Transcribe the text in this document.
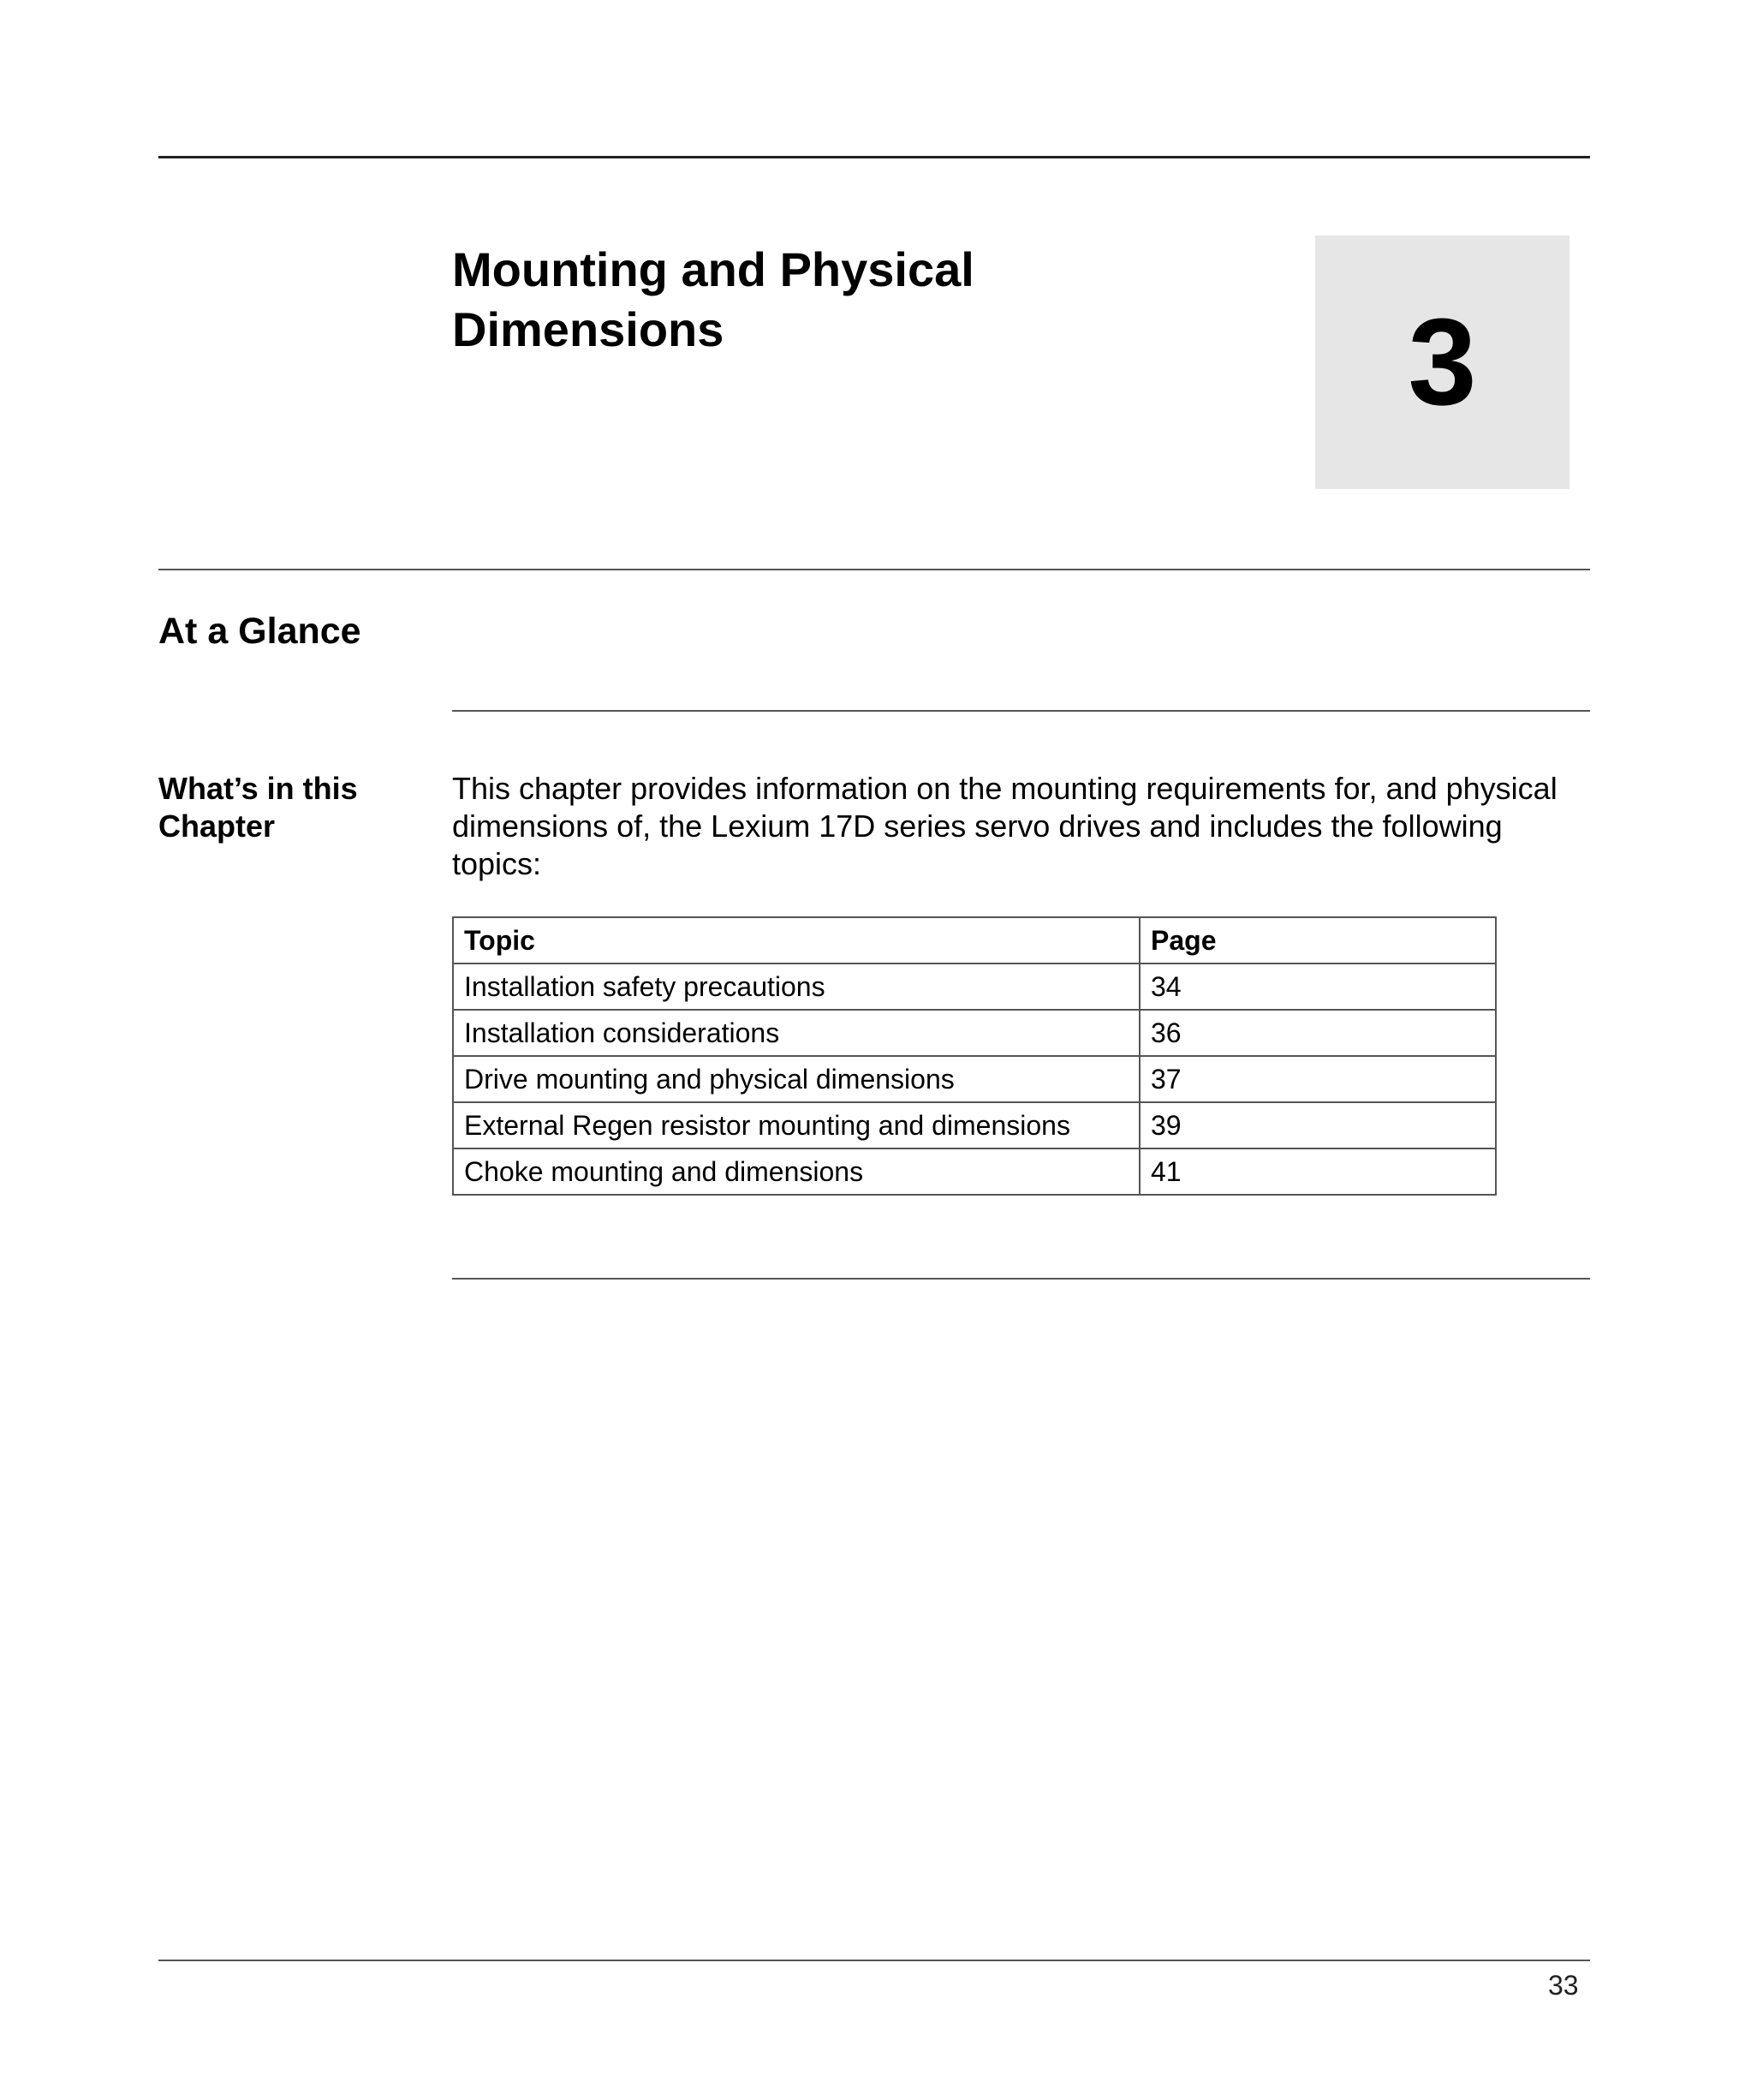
Mounting and Physical
Dimensions	3
At a Glance
What’s in this
Chapter
This chapter provides information on the mounting requirements for, and physical dimensions of, the Lexium 17D series servo drives and includes the following topics:
Topic	Page
Installation safety precautions	34
Installation considerations	36
Drive mounting and physical dimensions	37
External Regen resistor mounting and dimensions	39
Choke mounting and dimensions	41
33
